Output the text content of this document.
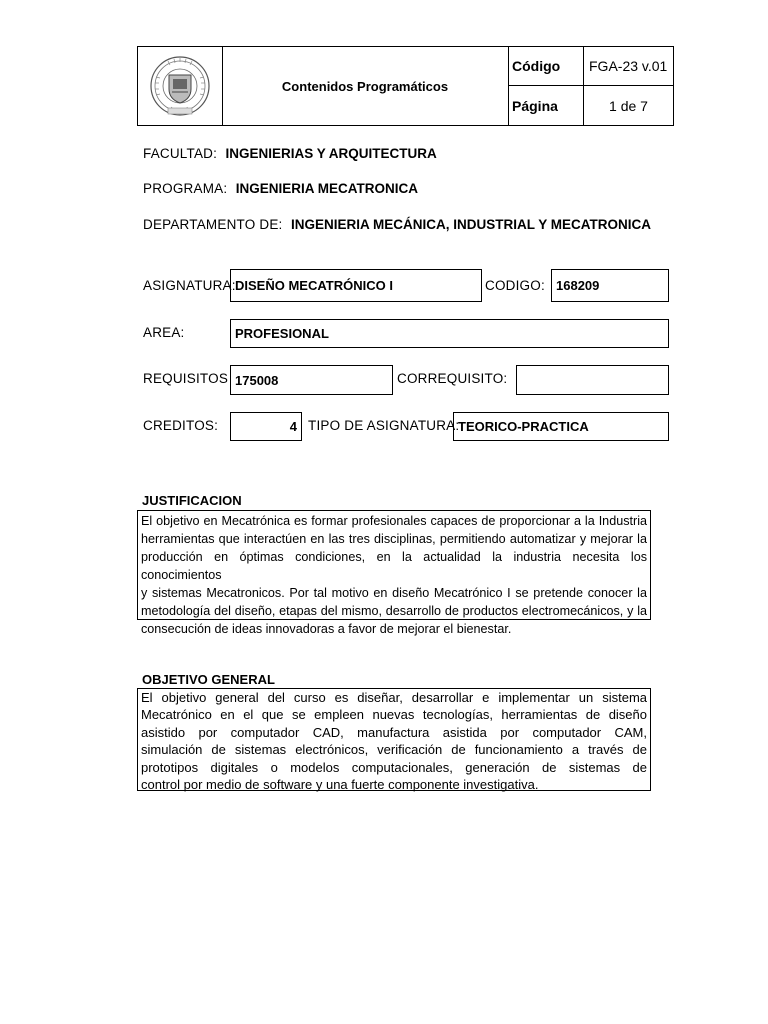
Contenidos Programáticos
Código	FGA-23 v.01
Página	1 de 7
FACULTAD: INGENIERIAS Y ARQUITECTURA
PROGRAMA: INGENIERIA MECATRONICA
DEPARTAMENTO DE: INGENIERIA MECÁNICA, INDUSTRIAL Y MECATRONICA
ASIGNATURA: DISEÑO MECATRÓNICO I	CODIGO: 168209
AREA:	PROFESIONAL
REQUISITOS 175008	CORREQUISITO:
CREDITOS:	4 TIPO DE ASIGNATURA:
TEORICO-PRACTICA
JUSTIFICACION
El objetivo en Mecatrónica es formar profesionales capaces de proporcionar a la Industria
herramientas que interactúen en las tres disciplinas, permitiendo automatizar y mejorar la
producción en óptimas condiciones, en la actualidad la industria necesita los conocimientos
y sistemas Mecatronicos. Por tal motivo en diseño Mecatrónico I se pretende conocer la
metodología del diseño, etapas del mismo, desarrollo de productos electromecánicos, y la
consecución de ideas innovadoras a favor de mejorar el bienestar.
OBJETIVO GENERAL
El objetivo general del curso es diseñar, desarrollar e implementar un sistema
Mecatrónico en el que se empleen nuevas tecnologías, herramientas de diseño
asistido por computador CAD, manufactura asistida por computador CAM,
simulación de sistemas electrónicos, verificación de funcionamiento a través de
prototipos digitales o modelos computacionales, generación de sistemas de
control por medio de software y una fuerte componente investigativa.
